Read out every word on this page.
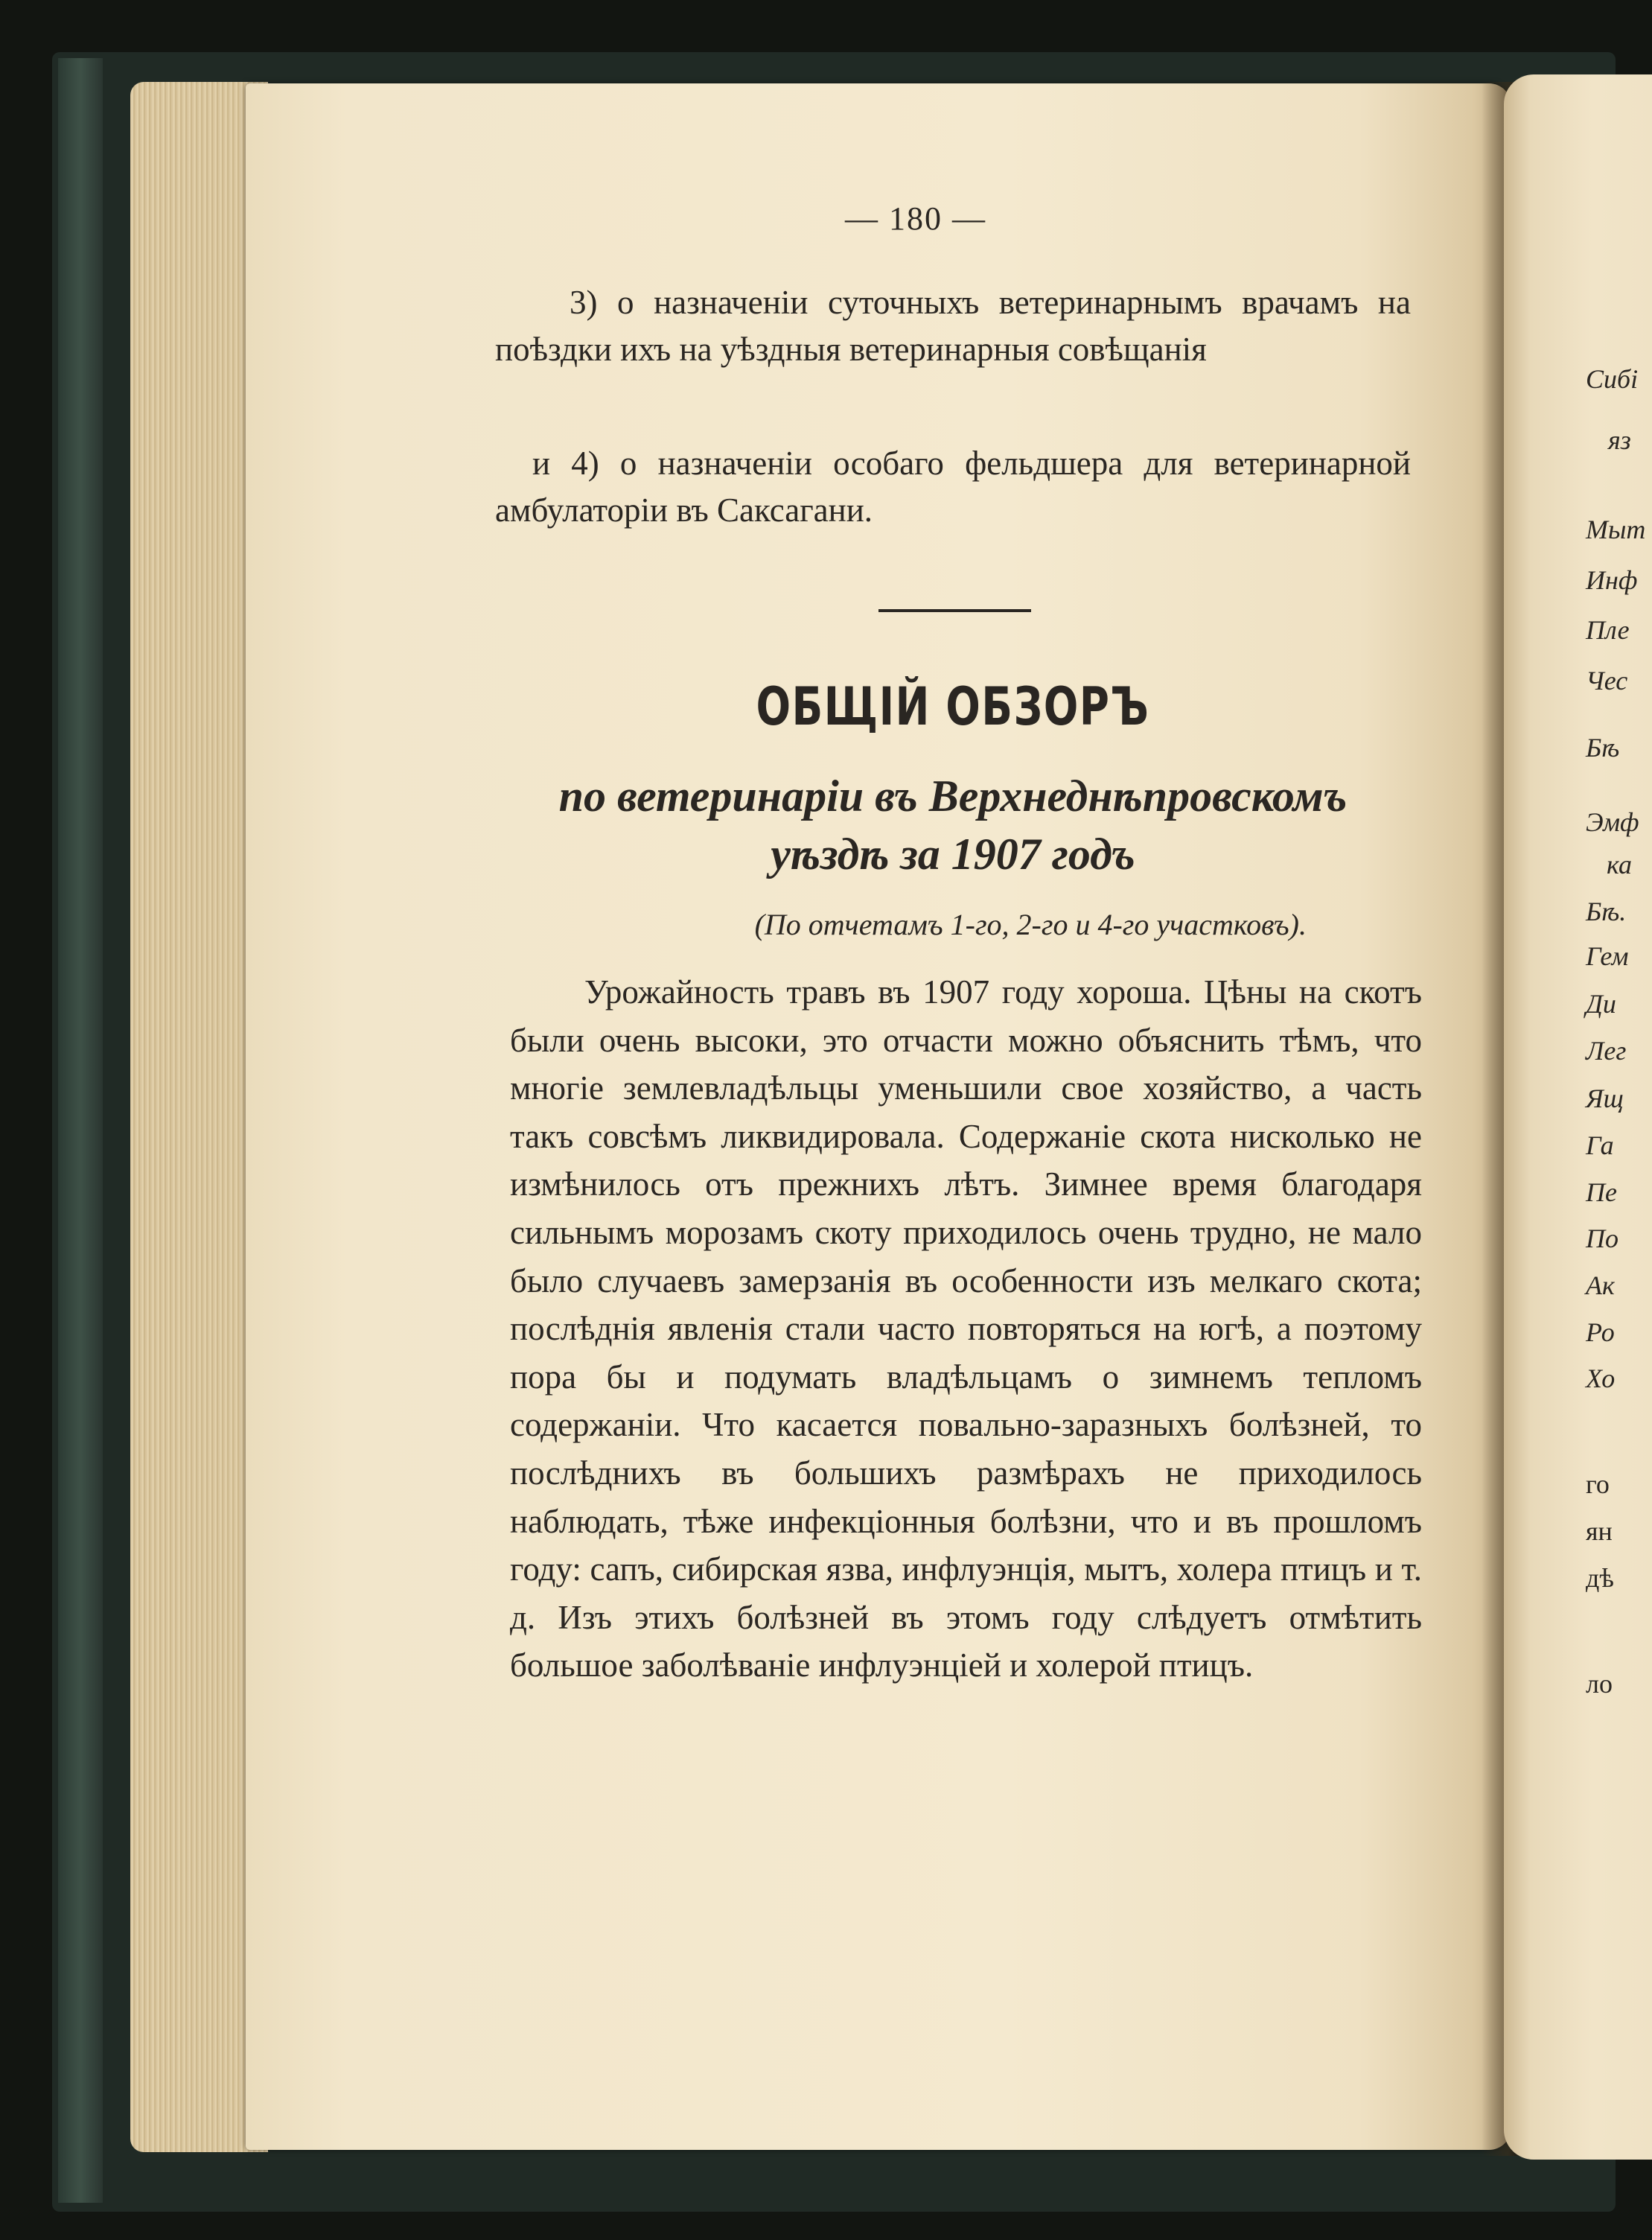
— 180 —

3) о назначеніи суточныхъ ветеринарнымъ врачамъ на поѣздки ихъ на уѣздныя ветеринарныя совѣщанія

и 4) о назначеніи особаго фельдшера для ветеринарной амбулаторіи въ Саксагани.

ОБЩІЙ ОБЗОРЪ

по ветеринаріи въ Верхнеднѣпровскомъ уѣздѣ за 1907 годъ

(По отчетамъ 1-го, 2-го и 4-го участковъ).

Урожайность травъ въ 1907 году хороша. Цѣны на скотъ были очень высоки, это отчасти можно объяснить тѣмъ, что многіе землевладѣльцы уменьшили свое хозяйство, а часть такъ совсѣмъ ликвидировала. Содержаніе скота нисколько не измѣнилось отъ прежнихъ лѣтъ. Зимнее время благодаря сильнымъ морозамъ скоту приходилось очень трудно, не мало было случаевъ замерзанія въ особенности изъ мелкаго скота; послѣднія явленія стали часто повторяться на югѣ, а поэтому пора бы и подумать владѣльцамъ о зимнемъ тепломъ содержаніи. Что касается повально-заразныхъ болѣзней, то послѣднихъ въ большихъ размѣрахъ не приходилось наблюдать, тѣже инфекціонныя болѣзни, что и въ прошломъ году: сапъ, сибирская язва, инфлуэнція, мытъ, холера птицъ и т. д. Изъ этихъ болѣзней въ этомъ году слѣдуетъ отмѣтить большое заболѣваніе инфлуэнціей и холерой птицъ.

Сибі
яз
Мыт
Инф
Пле
Чес
Бѣ
Эмф
ка
Бѣ.
Гем
Ди
Лег
Ящ
Га
Пе
По
Ак
Ро
Хо
го
ян
дѣ
ло
